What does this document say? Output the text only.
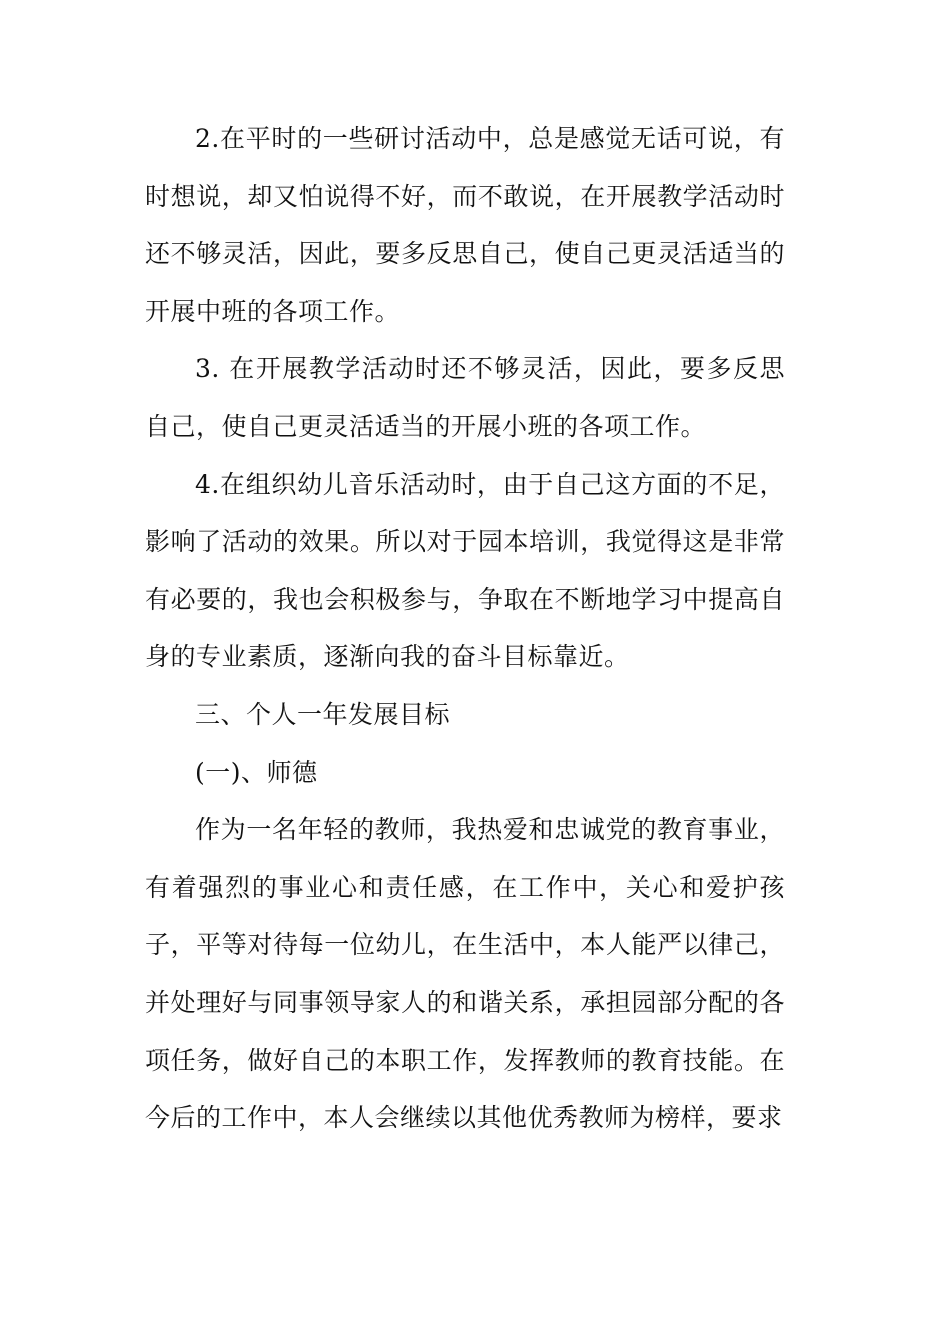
2.在平时的一些研讨活动中，总是感觉无话可说，有时想说，却又怕说得不好，而不敢说，在开展教学活动时还不够灵活，因此，要多反思自己，使自己更灵活适当的开展中班的各项工作。

3. 在开展教学活动时还不够灵活，因此，要多反思自己，使自己更灵活适当的开展小班的各项工作。

4.在组织幼儿音乐活动时，由于自己这方面的不足，影响了活动的效果。所以对于园本培训，我觉得这是非常有必要的，我也会积极参与，争取在不断地学习中提高自身的专业素质，逐渐向我的奋斗目标靠近。

三、个人一年发展目标

(一)、师德

作为一名年轻的教师，我热爱和忠诚党的教育事业，有着强烈的事业心和责任感，在工作中，关心和爱护孩子，平等对待每一位幼儿，在生活中，本人能严以律己，并处理好与同事领导家人的和谐关系，承担园部分配的各项任务，做好自己的本职工作，发挥教师的教育技能。在今后的工作中，本人会继续以其他优秀教师为榜样，要求
